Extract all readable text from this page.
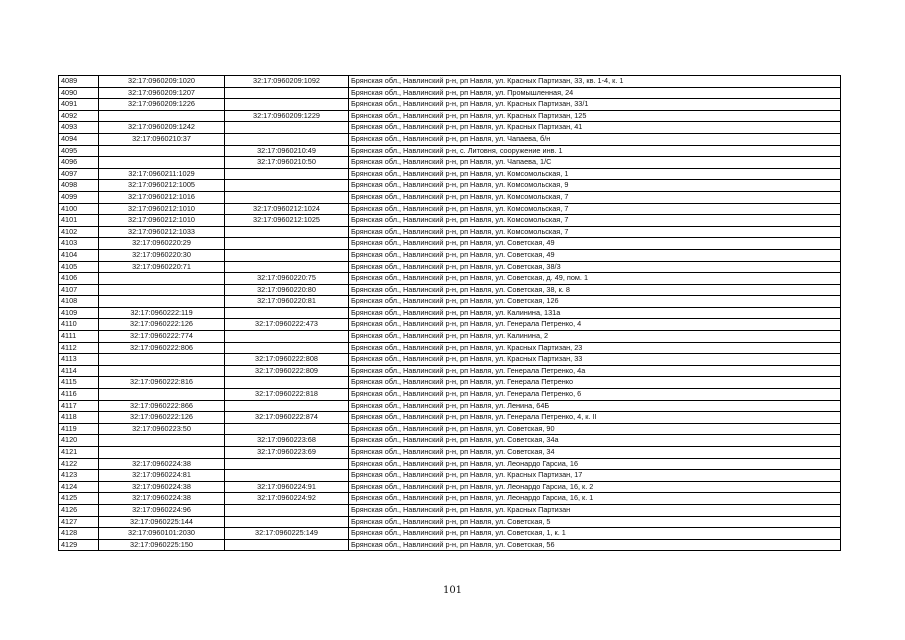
4089	32:17:0960209:1020	32:17:0960209:1092	Брянская обл., Навлинский р-н, рп Навля, ул. Красных Партизан, 33, кв. 1-4, к. 1
4090	32:17:0960209:1207		Брянская обл., Навлинский р-н, рп Навля, ул. Промышленная, 24
4091	32:17:0960209:1226		Брянская обл., Навлинский р-н, рп Навля, ул. Красных Партизан, 33/1
4092		32:17:0960209:1229	Брянская обл., Навлинский р-н, рп Навля, ул. Красных Партизан, 125
4093	32:17:0960209:1242		Брянская обл., Навлинский р-н, рп Навля, ул. Красных Партизан, 41
4094	32:17:0960210:37		Брянская обл., Навлинский р-н, рп Навля, ул. Чапаева, б/н
4095		32:17:0960210:49	Брянская обл., Навлинский р-н, с. Литовня, сооружение инв. 1
4096		32:17:0960210:50	Брянская обл., Навлинский р-н, рп Навля, ул. Чапаева, 1/С
4097	32:17:0960211:1029		Брянская обл., Навлинский р-н, рп Навля, ул. Комсомольская, 1
4098	32:17:0960212:1005		Брянская обл., Навлинский р-н, рп Навля, ул. Комсомольская, 9
4099	32:17:0960212:1016		Брянская обл., Навлинский р-н, рп Навля, ул. Комсомольская, 7
4100	32:17:0960212:1010	32:17:0960212:1024	Брянская обл., Навлинский р-н, рп Навля, ул. Комсомольская, 7
4101	32:17:0960212:1010	32:17:0960212:1025	Брянская обл., Навлинский р-н, рп Навля, ул. Комсомольская, 7
4102	32:17:0960212:1033		Брянская обл., Навлинский р-н, рп Навля, ул. Комсомольская, 7
4103	32:17:0960220:29		Брянская обл., Навлинский р-н, рп Навля, ул. Советская, 49
4104	32:17:0960220:30		Брянская обл., Навлинский р-н, рп Навля, ул. Советская, 49
4105	32:17:0960220:71		Брянская обл., Навлинский р-н, рп Навля, ул. Советская, 38/3
4106		32:17:0960220:75	Брянская обл., Навлинский р-н, рп Навля, ул. Советская, д. 49, пом. 1
4107		32:17:0960220:80	Брянская обл., Навлинский р-н, рп Навля, ул. Советская, 38, к. 8
4108		32:17:0960220:81	Брянская обл., Навлинский р-н, рп Навля, ул. Советская, 126
4109	32:17:0960222:119		Брянская обл., Навлинский р-н, рп Навля, ул. Калинина, 131а
4110	32:17:0960222:126	32:17:0960222:473	Брянская обл., Навлинский р-н, рп Навля, ул. Генерала Петренко, 4
4111	32:17:0960222:774		Брянская обл., Навлинский р-н, рп Навля, ул. Калинина, 2
4112	32:17:0960222:806		Брянская обл., Навлинский р-н, рп Навля, ул. Красных Партизан, 23
4113		32:17:0960222:808	Брянская обл., Навлинский р-н, рп Навля, ул. Красных Партизан, 33
4114		32:17:0960222:809	Брянская обл., Навлинский р-н, рп Навля, ул. Генерала Петренко, 4а
4115	32:17:0960222:816		Брянская обл., Навлинский р-н, рп Навля, ул. Генерала Петренко
4116		32:17:0960222:818	Брянская обл., Навлинский р-н, рп Навля, ул. Генерала Петренко, 6
4117	32:17:0960222:866		Брянская обл., Навлинский р-н, рп Навля, ул. Ленина, 64Б
4118	32:17:0960222:126	32:17:0960222:874	Брянская обл., Навлинский р-н, рп Навля, ул. Генерала Петренко, 4, к. II
4119	32:17:0960223:50		Брянская обл., Навлинский р-н, рп Навля, ул. Советская, 90
4120		32:17:0960223:68	Брянская обл., Навлинский р-н, рп Навля, ул. Советская, 34а
4121		32:17:0960223:69	Брянская обл., Навлинский р-н, рп Навля, ул. Советская, 34
4122	32:17:0960224:38		Брянская обл., Навлинский р-н, рп Навля, ул. Леонардо Гарсиа, 16
4123	32:17:0960224:81		Брянская обл., Навлинский р-н, рп Навля, ул. Красных Партизан, 17
4124	32:17:0960224:38	32:17:0960224:91	Брянская обл., Навлинский р-н, рп Навля, ул. Леонардо Гарсиа, 16, к. 2
4125	32:17:0960224:38	32:17:0960224:92	Брянская обл., Навлинский р-н, рп Навля, ул. Леонардо Гарсиа, 16, к. 1
4126	32:17:0960224:96		Брянская обл., Навлинский р-н, рп Навля, ул. Красных Партизан
4127	32:17:0960225:144		Брянская обл., Навлинский р-н, рп Навля, ул. Советская, 5
4128	32:17:0960101:2030	32:17:0960225:149	Брянская обл., Навлинский р-н, рп Навля, ул. Советская, 1, к. 1
4129	32:17:0960225:150		Брянская обл., Навлинский р-н, рп Навля, ул. Советская, 56
101
